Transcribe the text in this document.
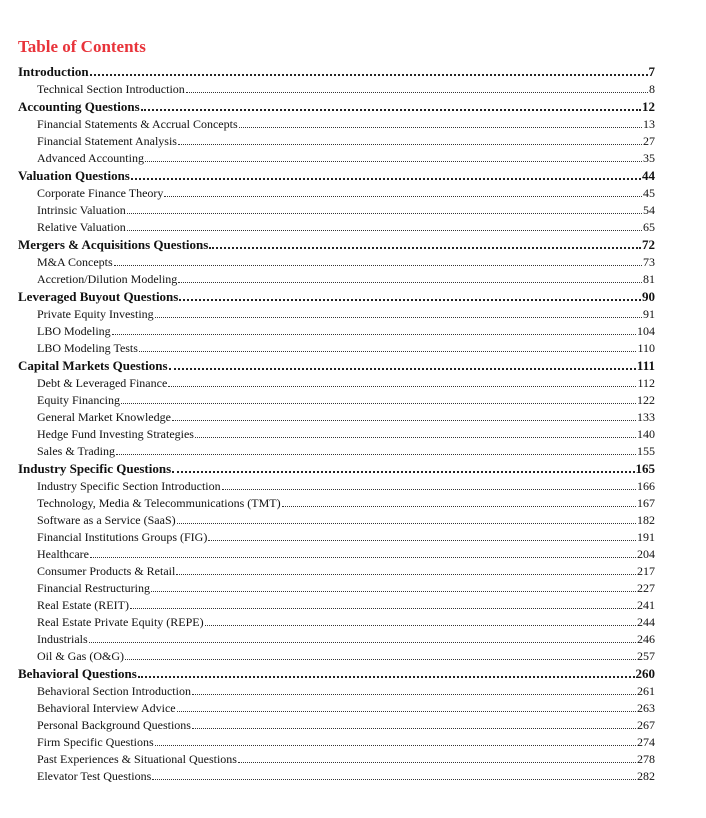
Table of Contents
Introduction	7
Technical Section Introduction	8
Accounting Questions	12
Financial Statements & Accrual Concepts	13
Financial Statement Analysis	27
Advanced Accounting	35
Valuation Questions	44
Corporate Finance Theory	45
Intrinsic Valuation	54
Relative Valuation	65
Mergers & Acquisitions Questions	72
M&A Concepts	73
Accretion/Dilution Modeling	81
Leveraged Buyout Questions	90
Private Equity Investing	91
LBO Modeling	104
LBO Modeling Tests	110
Capital Markets Questions	111
Debt & Leveraged Finance	112
Equity Financing	122
General Market Knowledge	133
Hedge Fund Investing Strategies	140
Sales & Trading	155
Industry Specific Questions	165
Industry Specific Section Introduction	166
Technology, Media & Telecommunications (TMT)	167
Software as a Service (SaaS)	182
Financial Institutions Groups (FIG)	191
Healthcare	204
Consumer Products & Retail	217
Financial Restructuring	227
Real Estate (REIT)	241
Real Estate Private Equity (REPE)	244
Industrials	246
Oil & Gas (O&G)	257
Behavioral Questions	260
Behavioral Section Introduction	261
Behavioral Interview Advice	263
Personal Background Questions	267
Firm Specific Questions	274
Past Experiences & Situational Questions	278
Elevator Test Questions	282
